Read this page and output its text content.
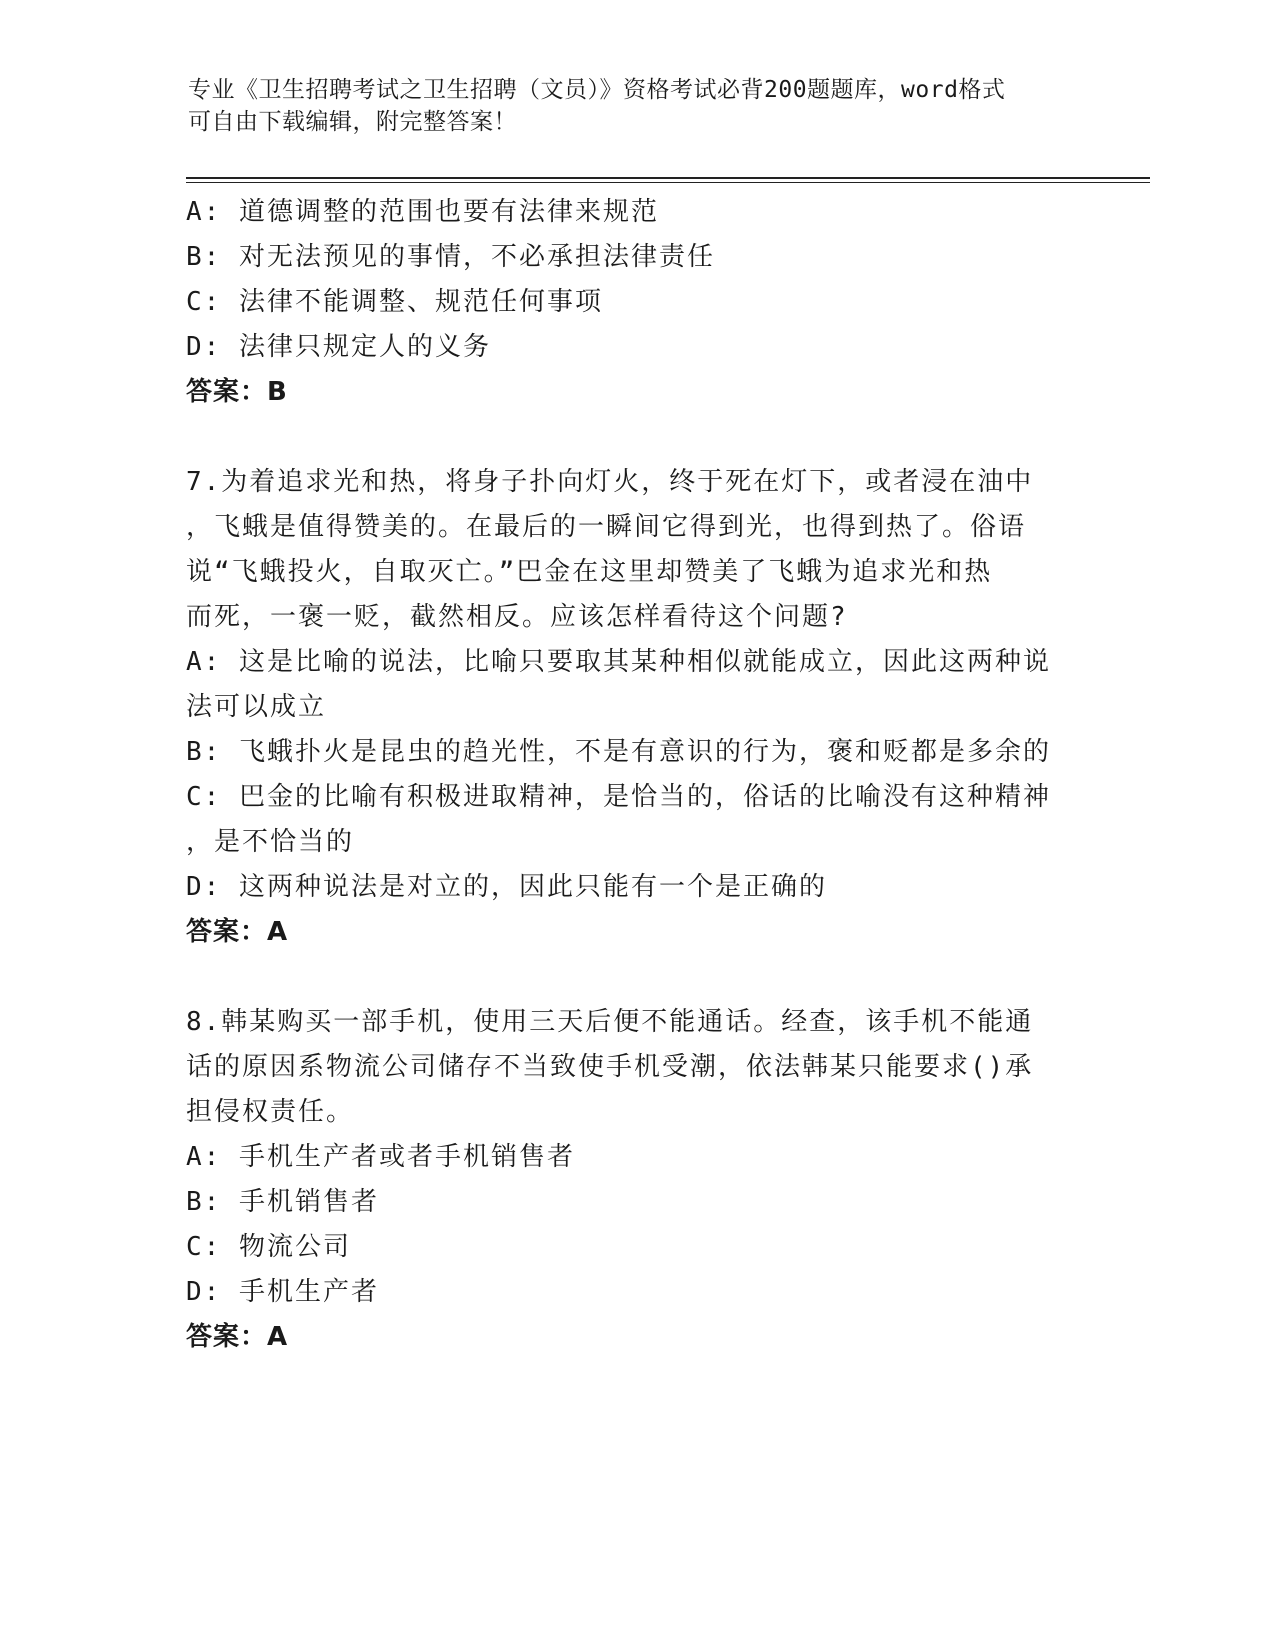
专业《卫生招聘考试之卫生招聘（文员）》资格考试必背200题题库，word格式
可自由下载编辑，附完整答案！
A: 道德调整的范围也要有法律来规范
B: 对无法预见的事情，不必承担法律责任
C: 法律不能调整、规范任何事项
D: 法律只规定人的义务
答案：B
7.为着追求光和热，将身子扑向灯火，终于死在灯下，或者浸在油中
，飞蛾是值得赞美的。在最后的一瞬间它得到光，也得到热了。俗语
说“飞蛾投火，自取灭亡。”巴金在这里却赞美了飞蛾为追求光和热
而死，一褒一贬，截然相反。应该怎样看待这个问题?
A: 这是比喻的说法，比喻只要取其某种相似就能成立，因此这两种说
法可以成立
B: 飞蛾扑火是昆虫的趋光性，不是有意识的行为，褒和贬都是多余的
C: 巴金的比喻有积极进取精神，是恰当的，俗话的比喻没有这种精神
，是不恰当的
D: 这两种说法是对立的，因此只能有一个是正确的
答案：A
8.韩某购买一部手机，使用三天后便不能通话。经查，该手机不能通
话的原因系物流公司储存不当致使手机受潮，依法韩某只能要求()承
担侵权责任。
A: 手机生产者或者手机销售者
B: 手机销售者
C: 物流公司
D: 手机生产者
答案：A
